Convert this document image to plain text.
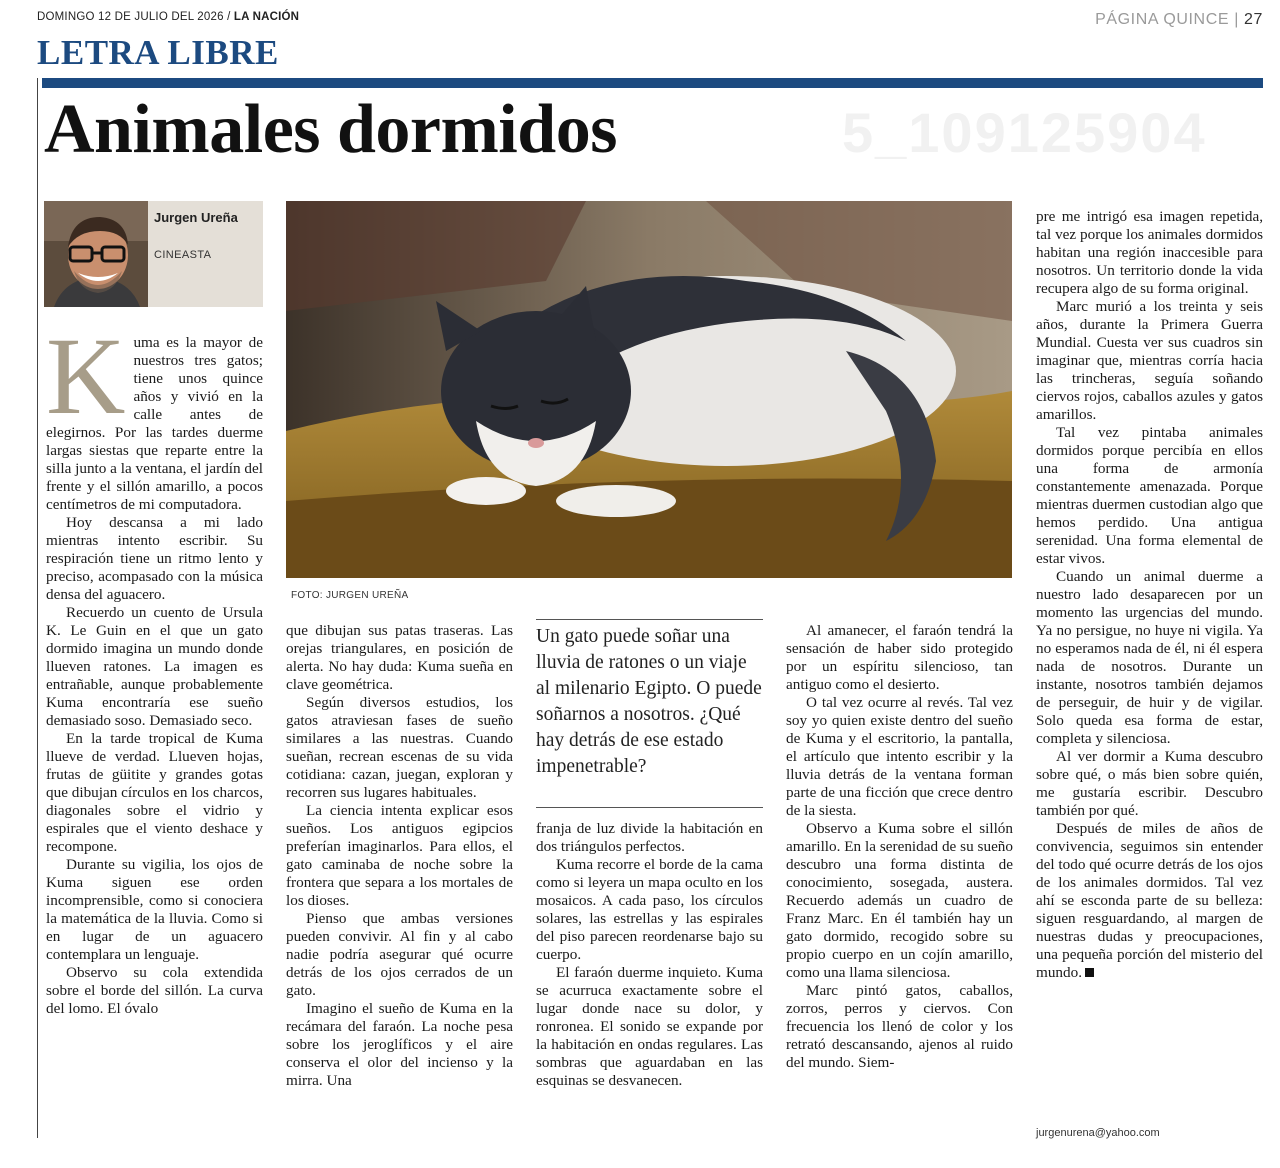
DOMINGO 12 DE JULIO DEL 2026 / LA NACIÓN	PÁGINA QUINCE | 27
LETRA LIBRE
5_109125904
Animales dormidos
Jurgen Ureña
CINEASTA
FOTO: JURGEN UREÑA

Kuma es la mayor de nuestros tres gatos; tiene unos quince años y vivió en la calle antes de elegirnos. Por las tardes duerme largas siestas que reparte entre la silla junto a la ventana, el jardín del frente y el sillón amarillo, a pocos centímetros de mi computadora.

Hoy descansa a mi lado mientras intento escribir. Su respiración tiene un ritmo lento y preciso, acompasado con la música densa del aguacero.

Recuerdo un cuento de Ursula K. Le Guin en el que un gato dormido imagina un mundo donde llueven ratones. La imagen es entrañable, aunque probablemente Kuma encontraría ese sueño demasiado soso. Demasiado seco.

En la tarde tropical de Kuma llueve de verdad. Llueven hojas, frutas de güitite y grandes gotas que dibujan círculos en los charcos, diagonales sobre el vidrio y espirales que el viento deshace y recompone.

Durante su vigilia, los ojos de Kuma siguen ese orden incomprensible, como si conociera la matemática de la lluvia. Como si en lugar de un aguacero contemplara un lenguaje.

Observo su cola extendida sobre el borde del sillón. La curva del lomo. El óvalo

que dibujan sus patas traseras. Las orejas triangulares, en posición de alerta. No hay duda: Kuma sueña en clave geométrica.

Según diversos estudios, los gatos atraviesan fases de sueño similares a las nuestras. Cuando sueñan, recrean escenas de su vida cotidiana: cazan, juegan, exploran y recorren sus lugares habituales.

La ciencia intenta explicar esos sueños. Los antiguos egipcios preferían imaginarlos. Para ellos, el gato caminaba de noche sobre la frontera que separa a los mortales de los dioses.

Pienso que ambas versiones pueden convivir. Al fin y al cabo nadie podría asegurar qué ocurre detrás de los ojos cerrados de un gato.

Imagino el sueño de Kuma en la recámara del faraón. La noche pesa sobre los jeroglíficos y el aire conserva el olor del incienso y la mirra. Una

Un gato puede soñar una lluvia de ratones o un viaje al milenario Egipto. O puede soñarnos a nosotros. ¿Qué hay detrás de ese estado impenetrable?

franja de luz divide la habitación en dos triángulos perfectos.

Kuma recorre el borde de la cama como si leyera un mapa oculto en los mosaicos. A cada paso, los círculos solares, las estrellas y las espirales del piso parecen reordenarse bajo su cuerpo.

El faraón duerme inquieto. Kuma se acurruca exactamente sobre el lugar donde nace su dolor, y ronronea. El sonido se expande por la habitación en ondas regulares. Las sombras que aguardaban en las esquinas se desvanecen.

Al amanecer, el faraón tendrá la sensación de haber sido protegido por un espíritu silencioso, tan antiguo como el desierto.

O tal vez ocurre al revés. Tal vez soy yo quien existe dentro del sueño de Kuma y el escritorio, la pantalla, el artículo que intento escribir y la lluvia detrás de la ventana forman parte de una ficción que crece dentro de la siesta.

Observo a Kuma sobre el sillón amarillo. En la serenidad de su sueño descubro una forma distinta de conocimiento, sosegada, austera. Recuerdo además un cuadro de Franz Marc. En él también hay un gato dormido, recogido sobre su propio cuerpo en un cojín amarillo, como una llama silenciosa.

Marc pintó gatos, caballos, zorros, perros y ciervos. Con frecuencia los llenó de color y los retrató descansando, ajenos al ruido del mundo. Siem-

pre me intrigó esa imagen repetida, tal vez porque los animales dormidos habitan una región inaccesible para nosotros. Un territorio donde la vida recupera algo de su forma original.

Marc murió a los treinta y seis años, durante la Primera Guerra Mundial. Cuesta ver sus cuadros sin imaginar que, mientras corría hacia las trincheras, seguía soñando ciervos rojos, caballos azules y gatos amarillos.

Tal vez pintaba animales dormidos porque percibía en ellos una forma de armonía constantemente amenazada. Porque mientras duermen custodian algo que hemos perdido. Una antigua serenidad. Una forma elemental de estar vivos.

Cuando un animal duerme a nuestro lado desaparecen por un momento las urgencias del mundo. Ya no persigue, no huye ni vigila. Ya no esperamos nada de él, ni él espera nada de nosotros. Durante un instante, nosotros también dejamos de perseguir, de huir y de vigilar. Solo queda esa forma de estar, completa y silenciosa.

Al ver dormir a Kuma descubro sobre qué, o más bien sobre quién, me gustaría escribir. Descubro también por qué.

Después de miles de años de convivencia, seguimos sin entender del todo qué ocurre detrás de los ojos de los animales dormidos. Tal vez ahí se esconda parte de su belleza: siguen resguardando, al margen de nuestras dudas y preocupaciones, una pequeña porción del misterio del mundo.

jurgenurena@yahoo.com
